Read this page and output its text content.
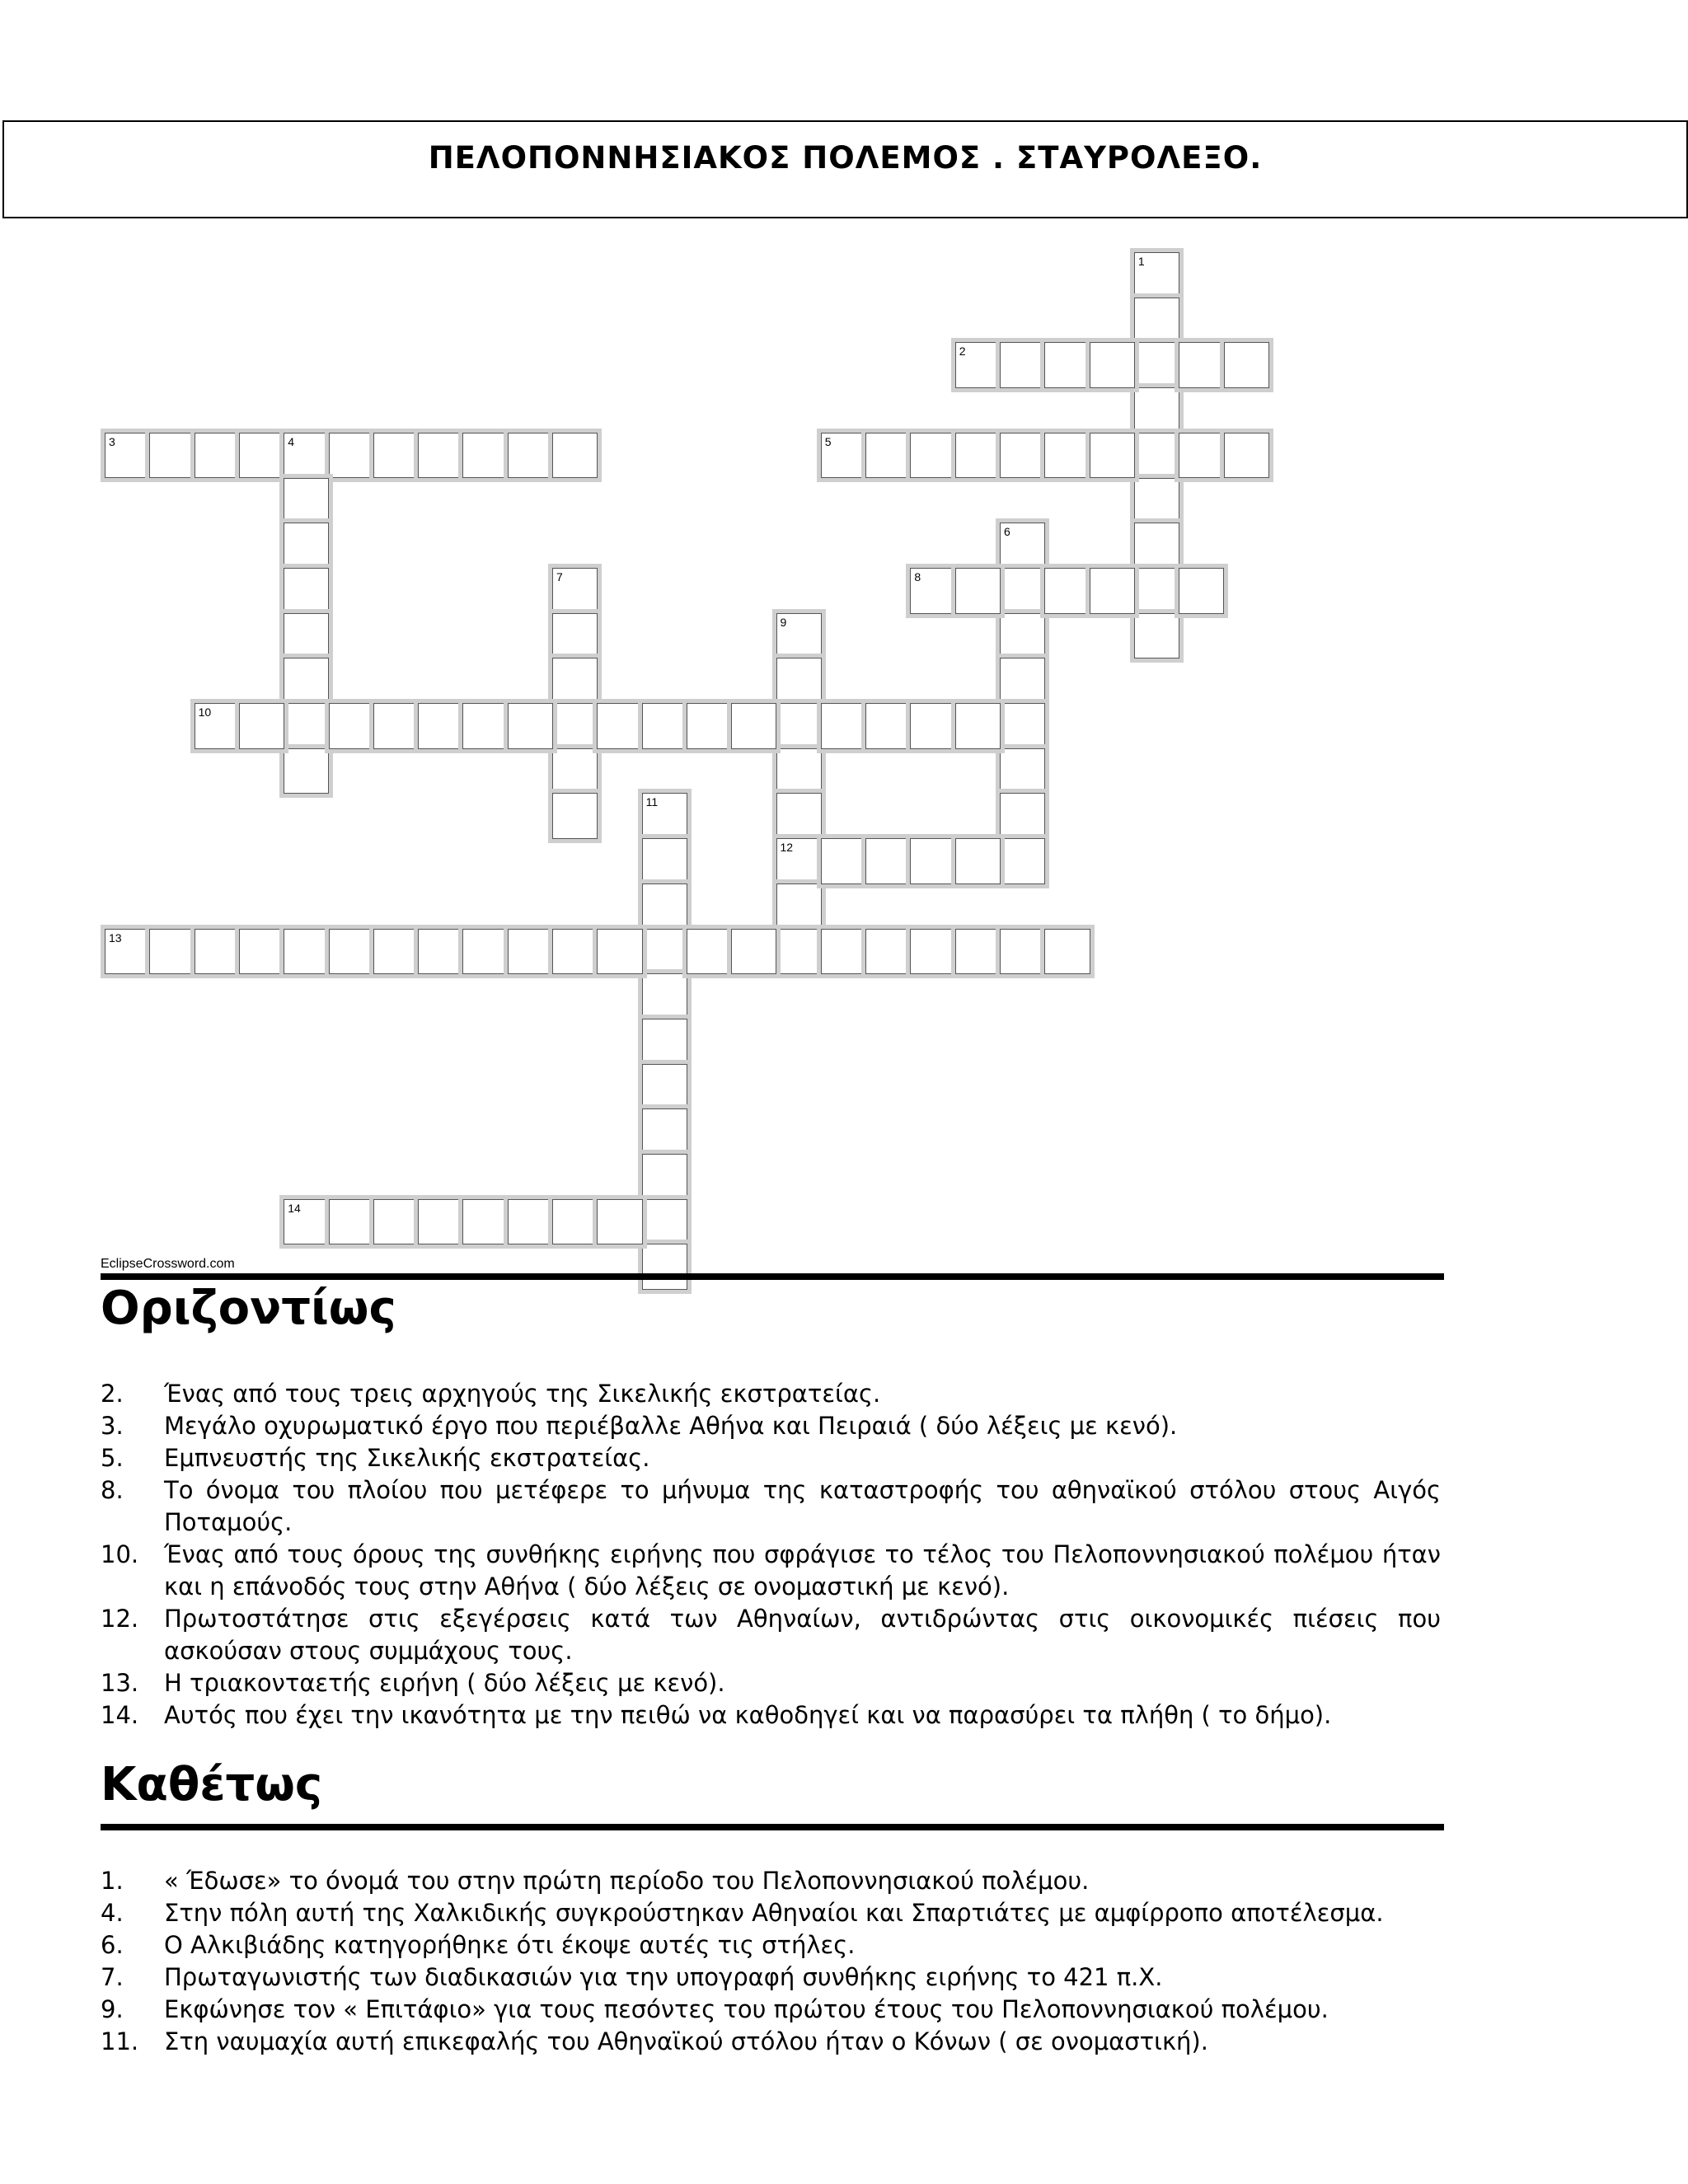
ΠΕΛΟΠΟΝΝΗΣΙΑΚΟΣ ΠΟΛΕΜΟΣ . ΣΤΑΥΡΟΛΕΞΟ.
1
2
3	4	5
6
7	8
9
12
10
11
13
14
EclipseCrossword.com
Οριζοντίως
2.	Ένας από τους τρεις αρχηγούς της Σικελικής εκστρατείας.
3.	Μεγάλο οχυρωματικό έργο που περιέβαλλε Αθήνα και Πειραιά ( δύο λέξεις με κενό).
5.	Εμπνευστής της Σικελικής εκστρατείας.
8.	Το όνομα του πλοίου που μετέφερε το μήνυμα της καταστροφής του αθηναϊκού στόλου στους Αιγός Ποταμούς.
10.	Ένας από τους όρους της συνθήκης ειρήνης που σφράγισε το τέλος του Πελοποννησιακού πολέμου ήταν και η επάνοδός τους στην Αθήνα ( δύο λέξεις σε ονομαστική με κενό).
12.	Πρωτοστάτησε στις εξεγέρσεις κατά των Αθηναίων, αντιδρώντας στις οικονομικές πιέσεις που ασκούσαν στους συμμάχους τους.
13.	Η τριακονταετής ειρήνη ( δύο λέξεις με κενό).
14.	Αυτός που έχει την ικανότητα με την πειθώ να καθοδηγεί και να παρασύρει τα πλήθη ( το δήμο).
Καθέτως
1.	« Έδωσε» το όνομά του στην πρώτη περίοδο του Πελοποννησιακού πολέμου.
4.	Στην πόλη αυτή της Χαλκιδικής συγκρούστηκαν Αθηναίοι και Σπαρτιάτες με αμφίρροπο αποτέλεσμα.
6.	Ο Αλκιβιάδης κατηγορήθηκε ότι έκοψε αυτές τις στήλες.
7.	Πρωταγωνιστής των διαδικασιών για την υπογραφή συνθήκης ειρήνης το 421 π.Χ.
9.	Εκφώνησε τον « Επιτάφιο» για τους πεσόντες του πρώτου έτους του Πελοποννησιακού πολέμου.
11.	Στη ναυμαχία αυτή επικεφαλής του Αθηναϊκού στόλου ήταν ο Κόνων ( σε ονομαστική).
